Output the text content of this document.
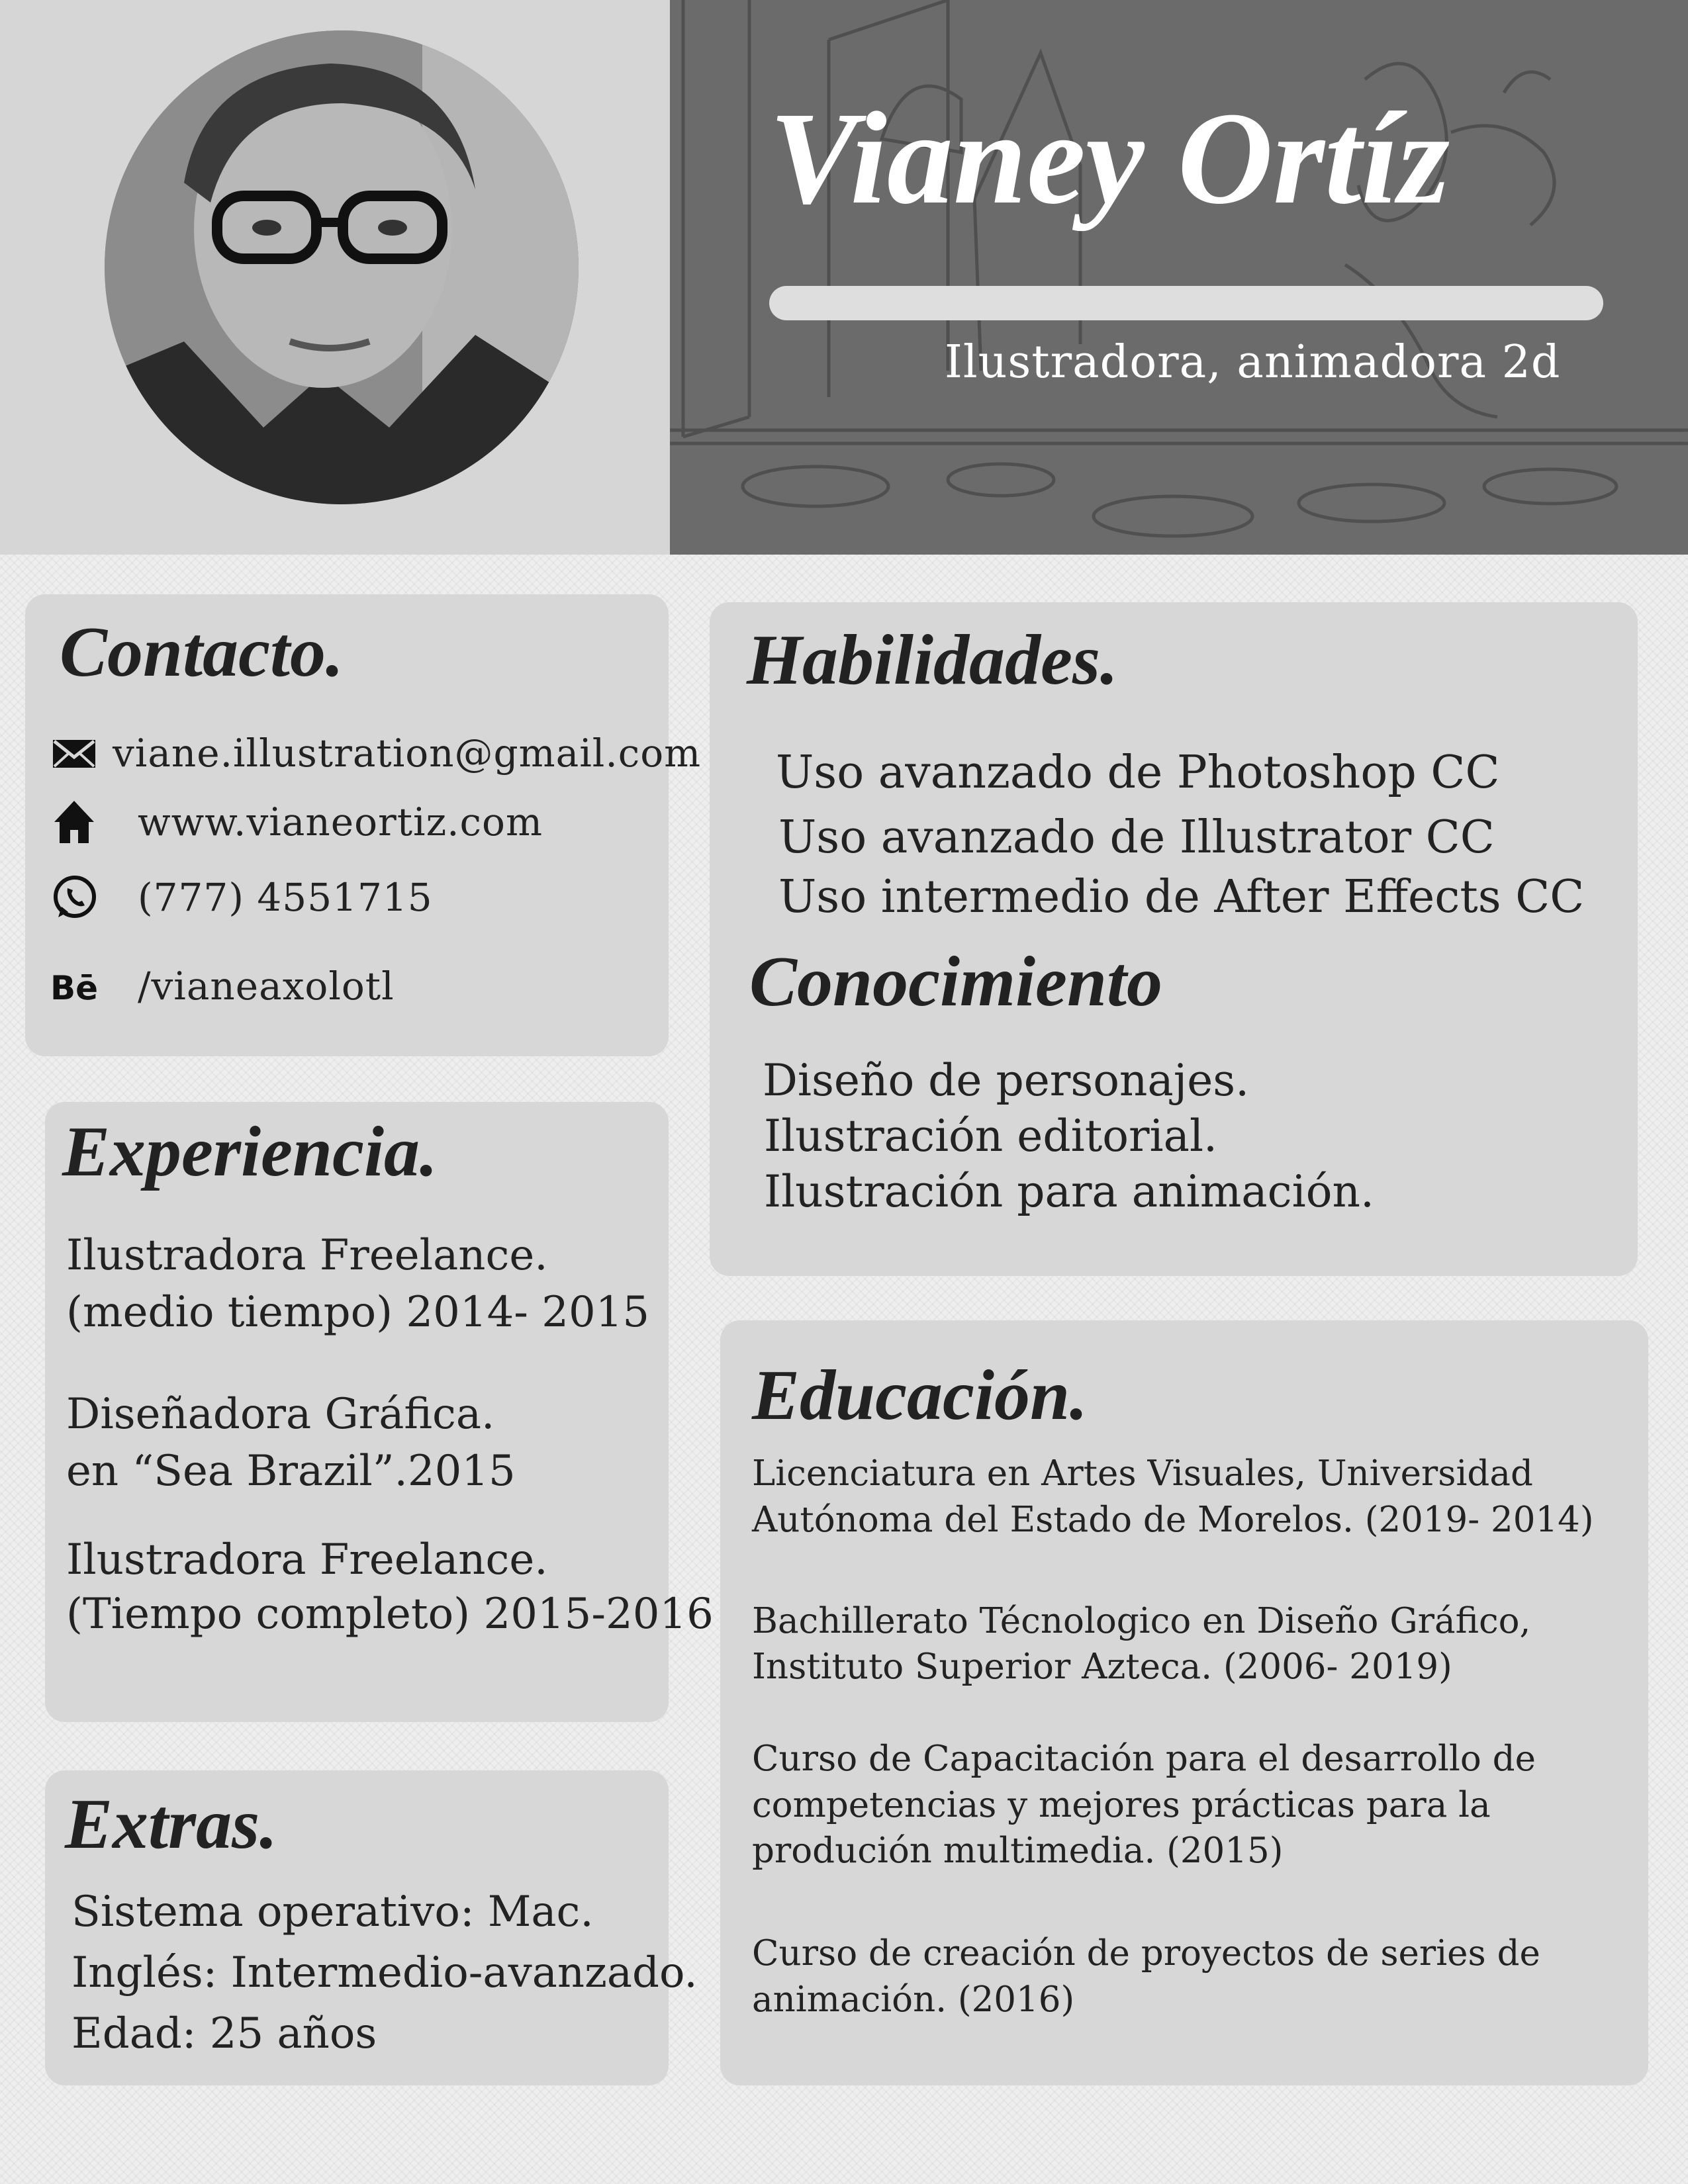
Vianey Ortíz
Ilustradora, animadora 2d
Contacto.
viane.illustration@gmail.com
www.vianeortiz.com
(777) 4551715
Bē /vianeaxolotl
Experiencia.
Ilustradora Freelance.
(medio tiempo) 2014- 2015
Diseñadora Gráfica.
en “Sea Brazil”.2015
Ilustradora Freelance.
(Tiempo completo) 2015-2016
Extras.
Sistema operativo: Mac.
Inglés: Intermedio-avanzado.
Edad: 25 años
Habilidades.
Uso avanzado de Photoshop CC
Uso avanzado de Illustrator CC
Uso intermedio de After Effects CC
Conocimiento
Diseño de personajes.
Ilustración editorial.
Ilustración para animación.
Educación.
Licenciatura en Artes Visuales, Universidad
Autónoma del Estado de Morelos. (2019- 2014)
Bachillerato Técnologico en Diseño Gráfico,
Instituto Superior Azteca. (2006- 2019)
Curso de Capacitación para el desarrollo de
competencias y mejores prácticas para la
produción multimedia. (2015)
Curso de creación de proyectos de series de
animación. (2016)
